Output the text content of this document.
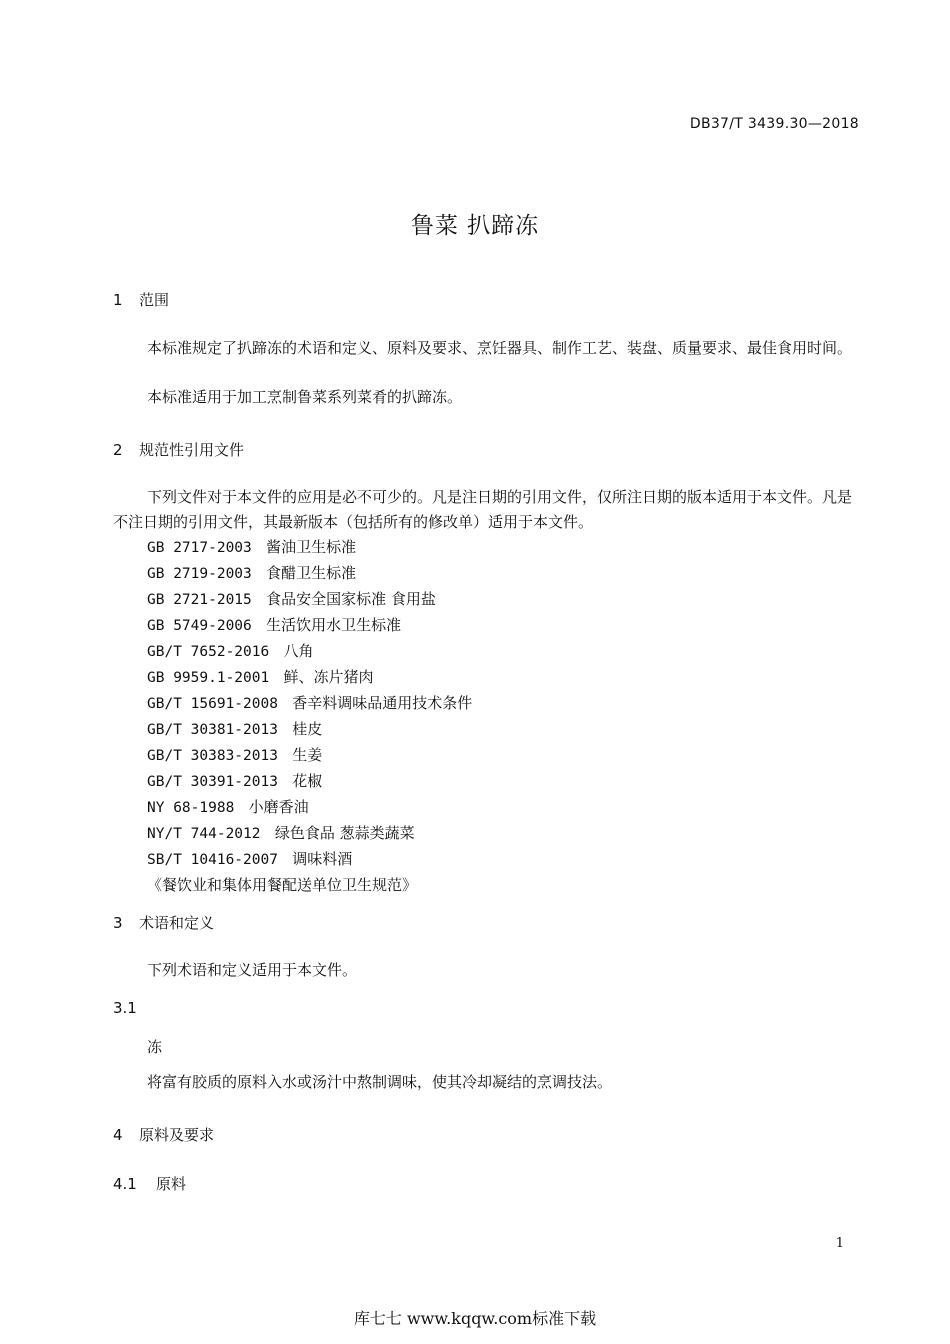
DB37/T 3439.30—2018
鲁菜 扒蹄冻
1 范围

本标准规定了扒蹄冻的术语和定义、原料及要求、烹饪器具、制作工艺、装盘、质量要求、最佳食用时间。

本标准适用于加工烹制鲁菜系列菜肴的扒蹄冻。

2 规范性引用文件

下列文件对于本文件的应用是必不可少的。凡是注日期的引用文件，仅所注日期的版本适用于本文件。凡是不注日期的引用文件，其最新版本（包括所有的修改单）适用于本文件。

GB 2717-2003 酱油卫生标准
GB 2719-2003 食醋卫生标准
GB 2721-2015 食品安全国家标准 食用盐
GB 5749-2006 生活饮用水卫生标准
GB/T 7652-2016 八角
GB 9959.1-2001 鲜、冻片猪肉
GB/T 15691-2008 香辛料调味品通用技术条件
GB/T 30381-2013 桂皮
GB/T 30383-2013 生姜
GB/T 30391-2013 花椒
NY 68-1988 小磨香油
NY/T 744-2012 绿色食品 葱蒜类蔬菜
SB/T 10416-2007 调味料酒
《餐饮业和集体用餐配送单位卫生规范》
3 术语和定义

下列术语和定义适用于本文件。

3.1
冻

将富有胶质的原料入水或汤汁中熬制调味，使其冷却凝结的烹调技法。

4 原料及要求
4.1 原料
1
库七七 www.kqqw.com标准下载
